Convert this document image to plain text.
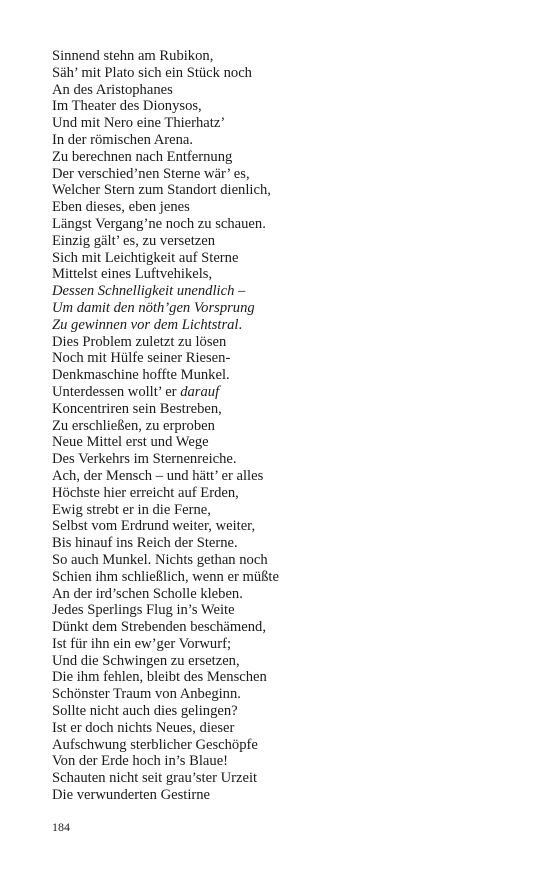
Sinnend stehn am Rubikon,
Säh’ mit Plato sich ein Stück noch
An des Aristophanes
Im Theater des Dionysos,
Und mit Nero eine Thierhatz’
In der römischen Arena.
Zu berechnen nach Entfernung
Der verschied’nen Sterne wär’ es,
Welcher Stern zum Standort dienlich,
Eben dieses, eben jenes
Längst Vergang’ne noch zu schauen.
Einzig gält’ es, zu versetzen
Sich mit Leichtigkeit auf Sterne
Mittelst eines Luftvehikels,
Dessen Schnelligkeit unendlich –
Um damit den nöth’gen Vorsprung
Zu gewinnen vor dem Lichtstral.
Dies Problem zuletzt zu lösen
Noch mit Hülfe seiner Riesen-
Denkmaschine hoffte Munkel.
Unterdessen wollt’ er darauf
Koncentriren sein Bestreben,
Zu erschließen, zu erproben
Neue Mittel erst und Wege
Des Verkehrs im Sternenreiche.
Ach, der Mensch – und hätt’ er alles
Höchste hier erreicht auf Erden,
Ewig strebt er in die Ferne,
Selbst vom Erdrund weiter, weiter,
Bis hinauf ins Reich der Sterne.
So auch Munkel. Nichts gethan noch
Schien ihm schließlich, wenn er müßte
An der ird’schen Scholle kleben.
Jedes Sperlings Flug in’s Weite
Dünkt dem Strebenden beschämend,
Ist für ihn ein ew’ger Vorwurf;
Und die Schwingen zu ersetzen,
Die ihm fehlen, bleibt des Menschen
Schönster Traum von Anbeginn.
Sollte nicht auch dies gelingen?
Ist er doch nichts Neues, dieser
Aufschwung sterblicher Geschöpfe
Von der Erde hoch in’s Blaue!
Schauten nicht seit grau’ster Urzeit
Die verwunderten Gestirne
184
